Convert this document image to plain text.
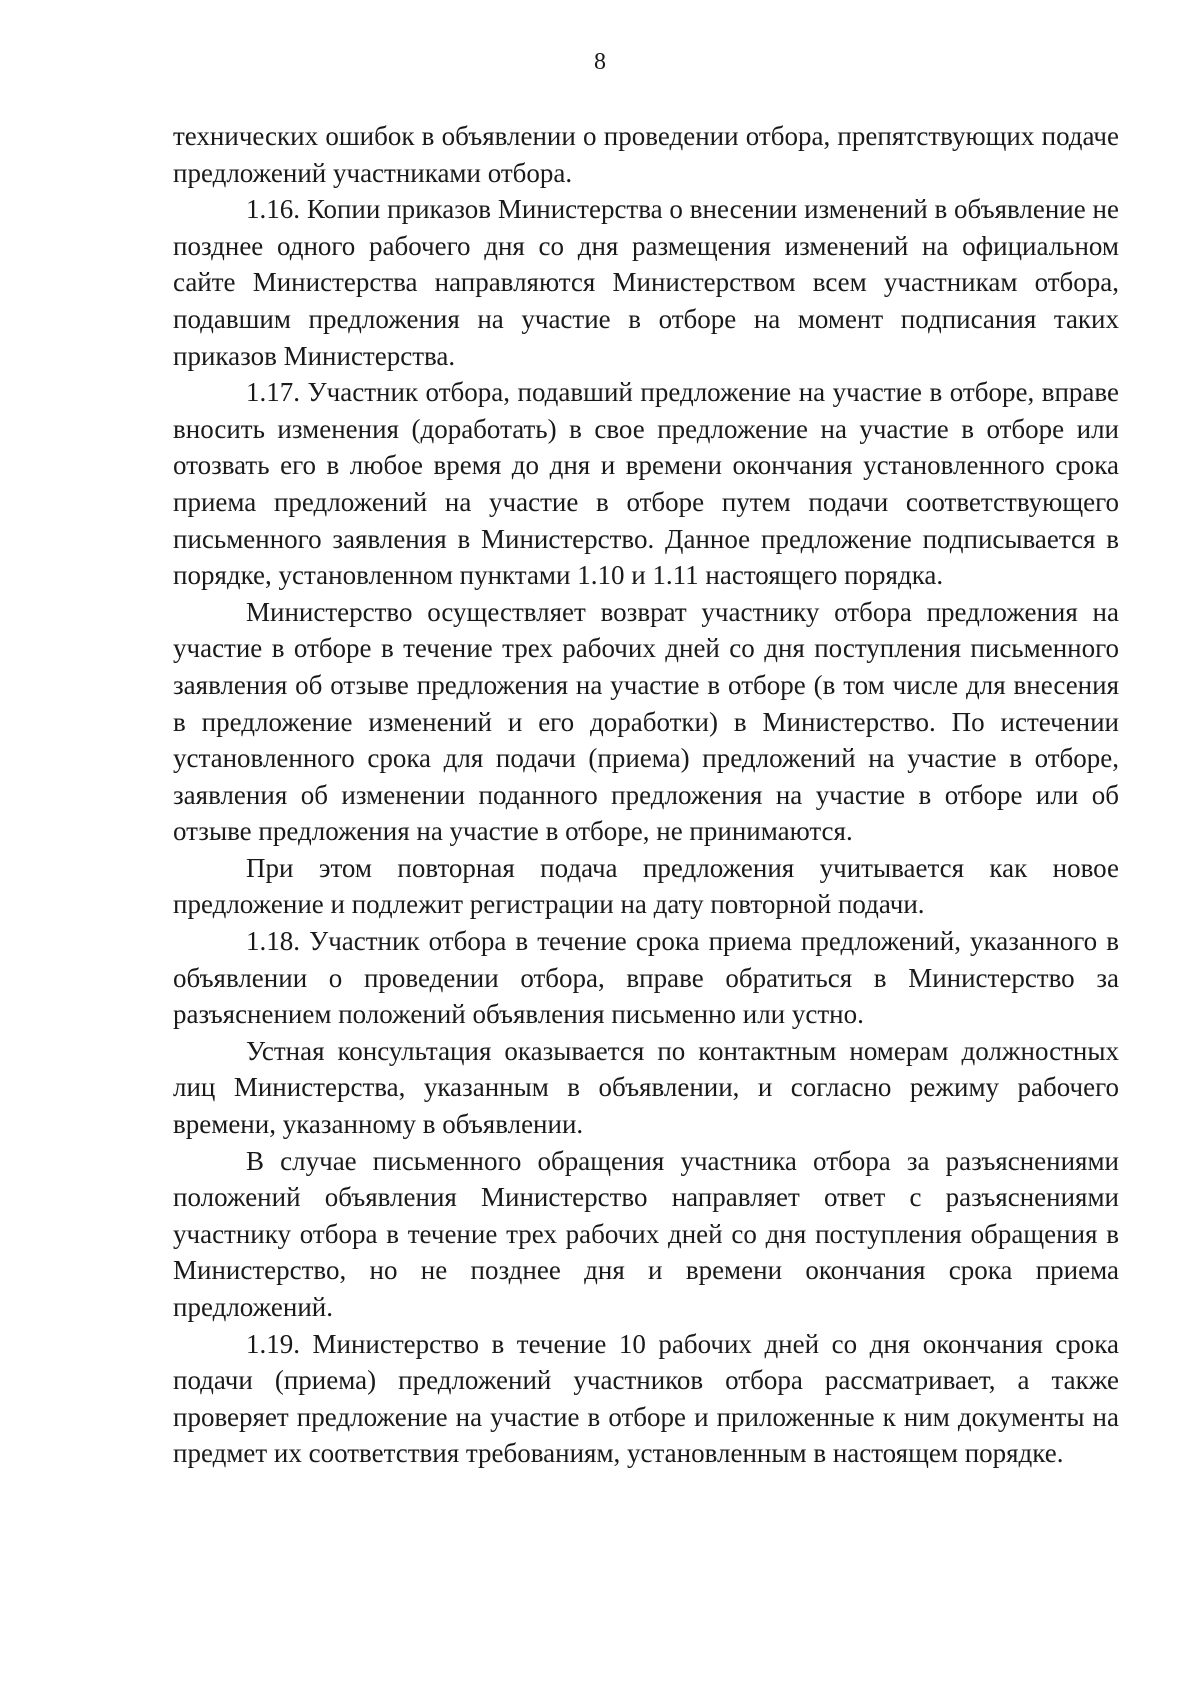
8

технических ошибок в объявлении о проведении отбора, препятствующих подаче предложений участниками отбора.

1.16. Копии приказов Министерства о внесении изменений в объявление не позднее одного рабочего дня со дня размещения изменений на официальном сайте Министерства направляются Министерством всем участникам отбора, подавшим предложения на участие в отборе на момент подписания таких приказов Министерства.

1.17. Участник отбора, подавший предложение на участие в отборе, вправе вносить изменения (доработать) в свое предложение на участие в отборе или отозвать его в любое время до дня и времени окончания установленного срока приема предложений на участие в отборе путем подачи соответствующего письменного заявления в Министерство. Данное предложение подписывается в порядке, установленном пунктами 1.10 и 1.11 настоящего порядка.

Министерство осуществляет возврат участнику отбора предложения на участие в отборе в течение трех рабочих дней со дня поступления письменного заявления об отзыве предложения на участие в отборе (в том числе для внесения в предложение изменений и его доработки) в Министерство. По истечении установленного срока для подачи (приема) предложений на участие в отборе, заявления об изменении поданного предложения на участие в отборе или об отзыве предложения на участие в отборе, не принимаются.

При этом повторная подача предложения учитывается как новое предложение и подлежит регистрации на дату повторной подачи.

1.18. Участник отбора в течение срока приема предложений, указанного в объявлении о проведении отбора, вправе обратиться в Министерство за разъяснением положений объявления письменно или устно.

Устная консультация оказывается по контактным номерам должностных лиц Министерства, указанным в объявлении, и согласно режиму рабочего времени, указанному в объявлении.

В случае письменного обращения участника отбора за разъяснениями положений объявления Министерство направляет ответ с разъяснениями участнику отбора в течение трех рабочих дней со дня поступления обращения в Министерство, но не позднее дня и времени окончания срока приема предложений.

1.19. Министерство в течение 10 рабочих дней со дня окончания срока подачи (приема) предложений участников отбора рассматривает, а также проверяет предложение на участие в отборе и приложенные к ним документы на предмет их соответствия требованиям, установленным в настоящем порядке.
